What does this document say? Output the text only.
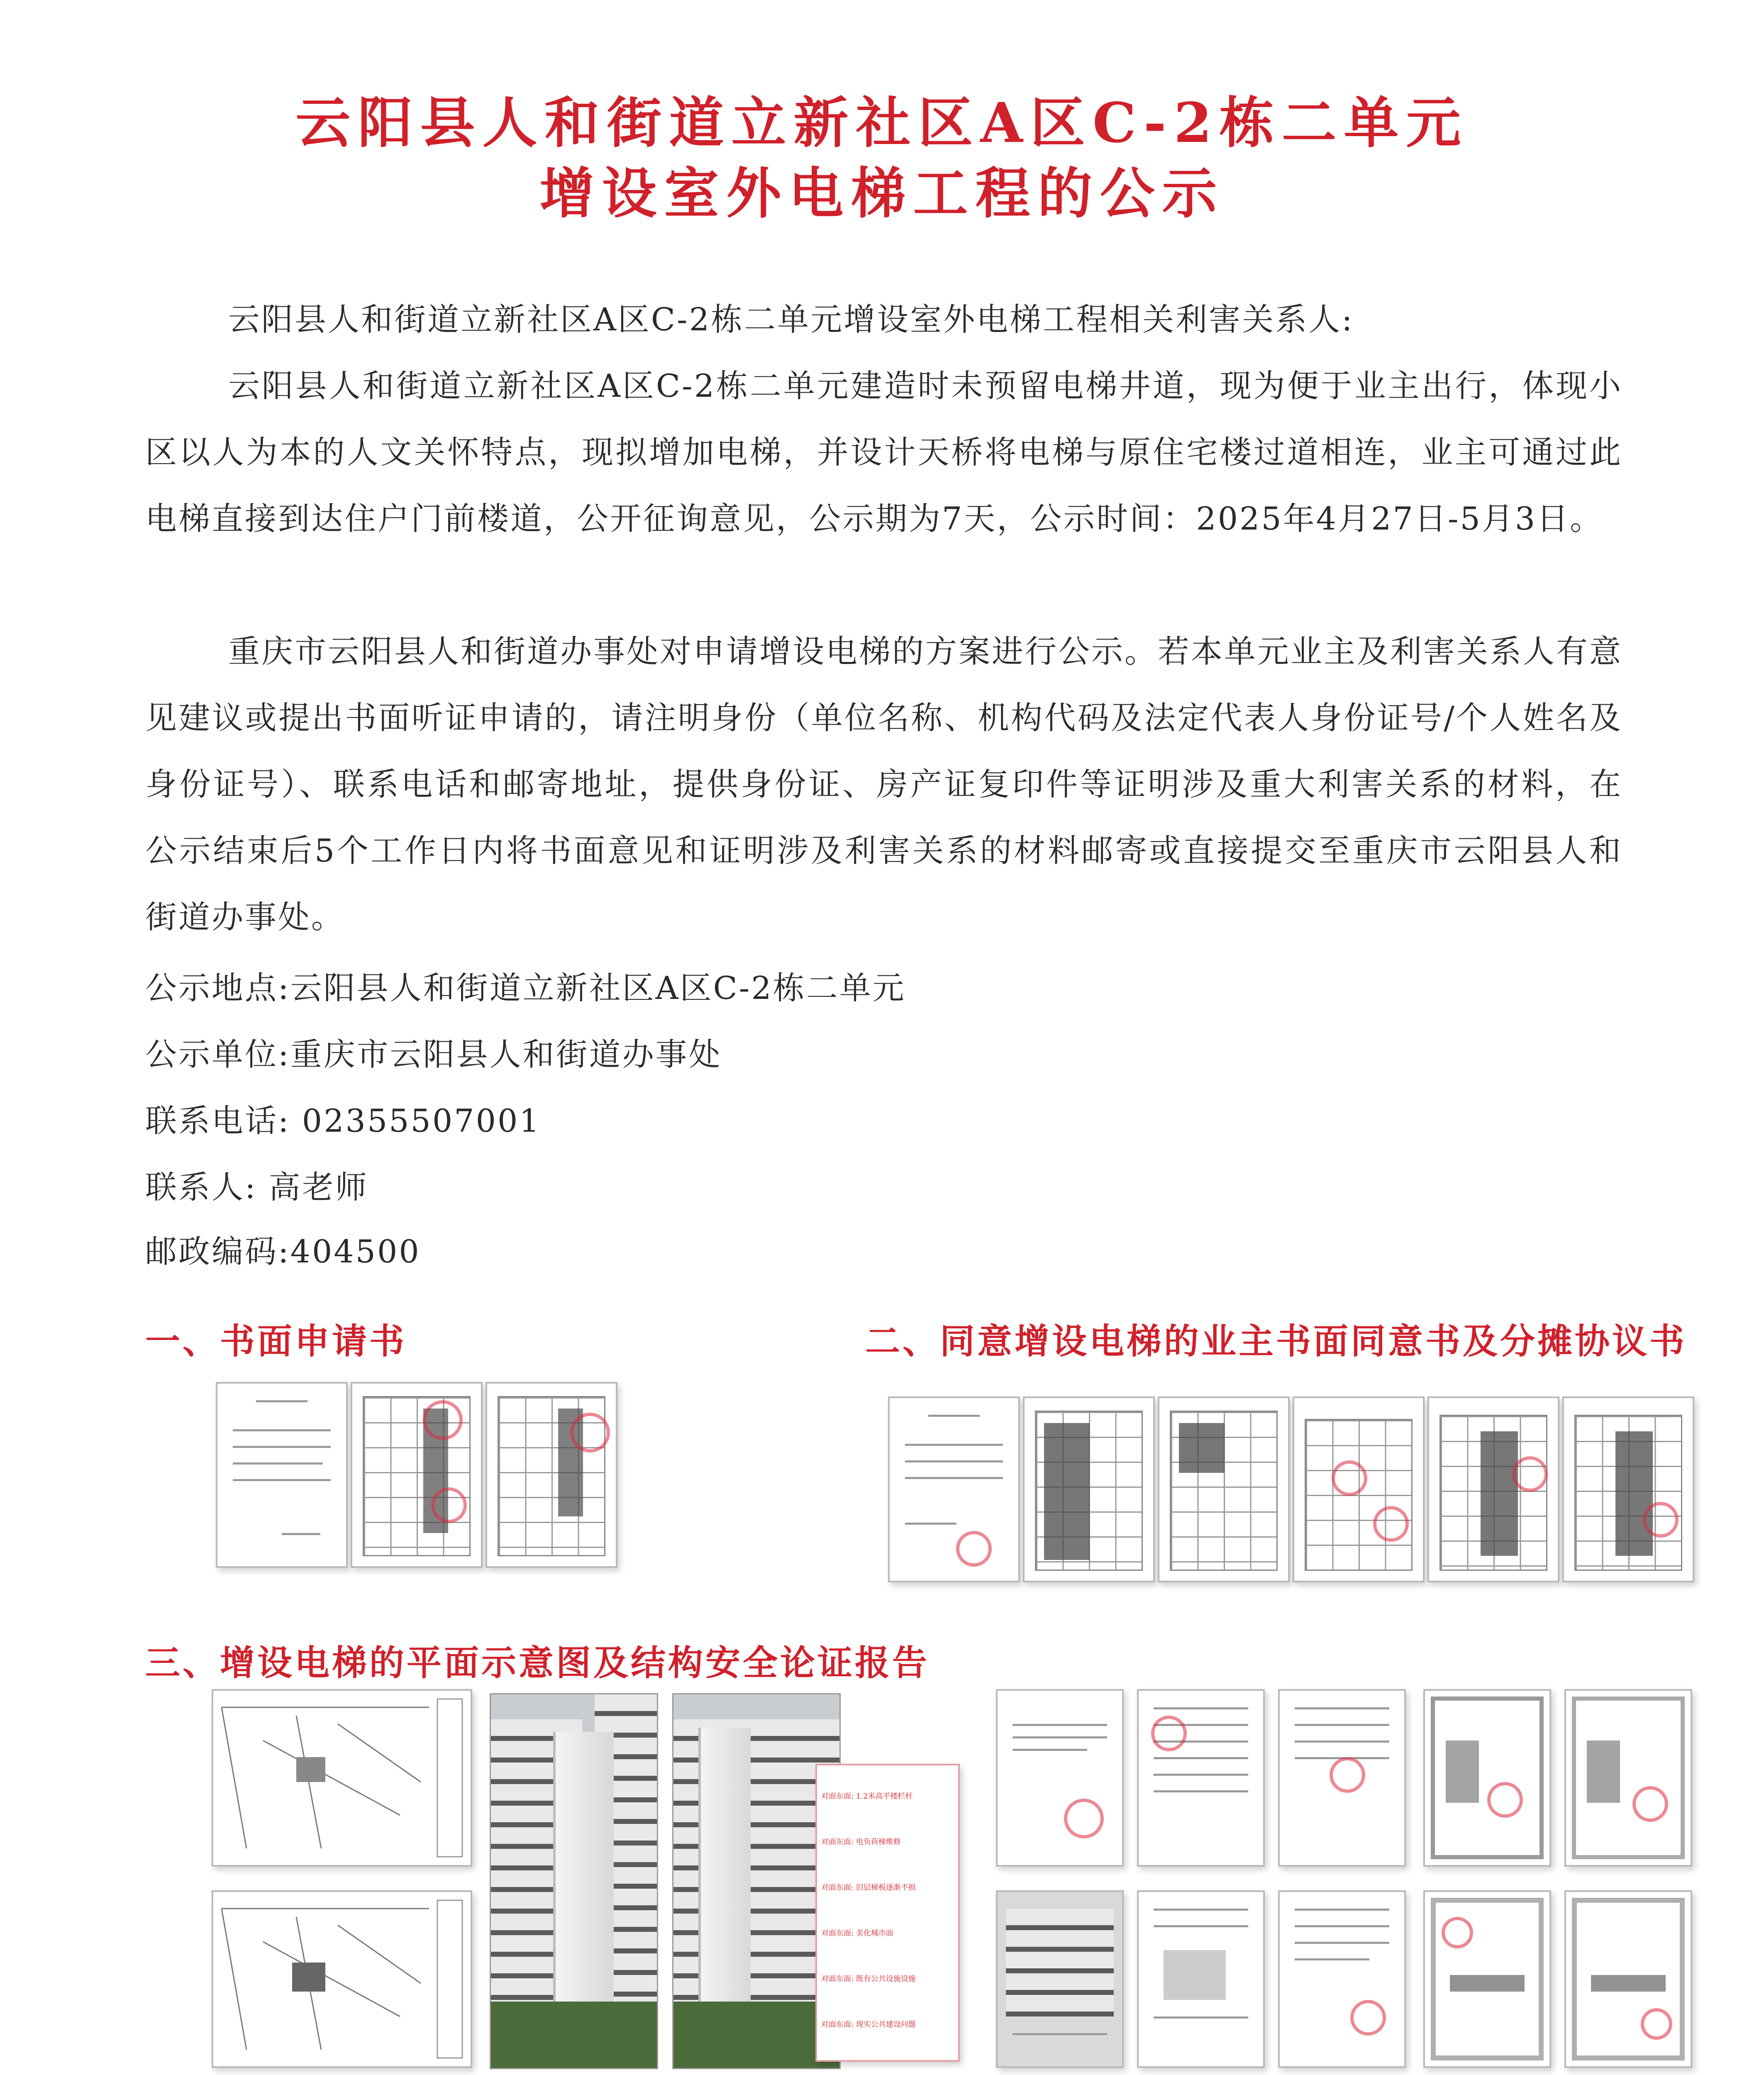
云阳县人和街道立新社区A区C-2栋二单元
增设室外电梯工程的公示

云阳县人和街道立新社区A区C-2栋二单元增设室外电梯工程相关利害关系人:

云阳县人和街道立新社区A区C-2栋二单元建造时未预留电梯井道，现为便于业主出行，体现小区以人为本的人文关怀特点，现拟增加电梯，并设计天桥将电梯与原住宅楼过道相连，业主可通过此电梯直接到达住户门前楼道，公开征询意见，公示期为7天，公示时间：2025年4月27日-5月3日。

重庆市云阳县人和街道办事处对申请增设电梯的方案进行公示。若本单元业主及利害关系人有意见建议或提出书面听证申请的，请注明身份（单位名称、机构代码及法定代表人身份证号/个人姓名及身份证号）、联系电话和邮寄地址，提供身份证、房产证复印件等证明涉及重大利害关系的材料，在公示结束后5个工作日内将书面意见和证明涉及利害关系的材料邮寄或直接提交至重庆市云阳县人和街道办事处。

公示地点:云阳县人和街道立新社区A区C-2栋二单元
公示单位:重庆市云阳县人和街道办事处
联系电话: 02355507001
联系人: 高老师
邮政编码:404500
一、书面申请书	二、同意增设电梯的业主书面同意书及分摊协议书
三、增设电梯的平面示意图及结构安全论证报告
对面东面: 1.2米高平楼栏杆
对面东面: 电负荷梯维修
对面东面: 旧层梯板逐渐不损
对面东面: 美化城市面
对面东面: 既有公共设施设施
对面东面: 现实公共建设问题
